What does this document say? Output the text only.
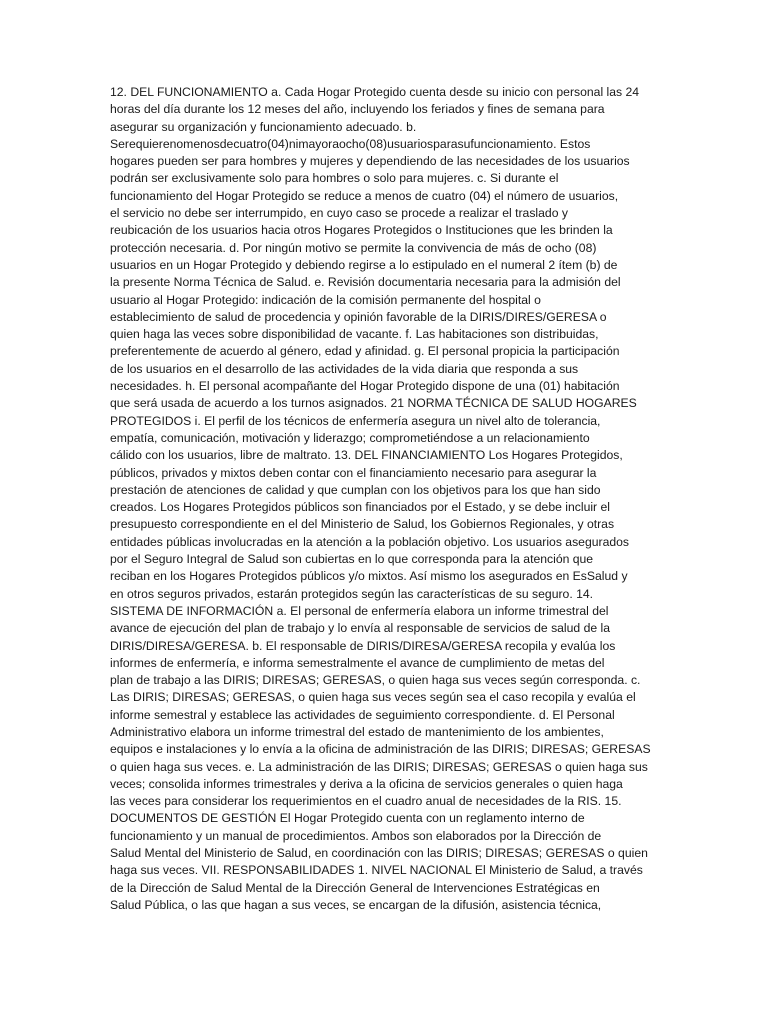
12. DEL FUNCIONAMIENTO a. Cada Hogar Protegido cuenta desde su inicio con personal las 24
horas del día durante los 12 meses del año, incluyendo los feriados y fines de semana para
asegurar su organización y funcionamiento adecuado. b.
Serequierenomenosdecuatro(04)nimayoraocho(08)usuariosparasufuncionamiento. Estos
hogares pueden ser para hombres y mujeres y dependiendo de las necesidades de los usuarios
podrán ser exclusivamente solo para hombres o solo para mujeres. c. Si durante el
funcionamiento del Hogar Protegido se reduce a menos de cuatro (04) el número de usuarios,
el servicio no debe ser interrumpido, en cuyo caso se procede a realizar el traslado y
reubicación de los usuarios hacia otros Hogares Protegidos o Instituciones que les brinden la
protección necesaria. d. Por ningún motivo se permite la convivencia de más de ocho (08)
usuarios en un Hogar Protegido y debiendo regirse a lo estipulado en el numeral 2 ítem (b) de
la presente Norma Técnica de Salud. e. Revisión documentaria necesaria para la admisión del
usuario al Hogar Protegido: indicación de la comisión permanente del hospital o
establecimiento de salud de procedencia y opinión favorable de la DIRIS/DIRES/GERESA o
quien haga las veces sobre disponibilidad de vacante. f. Las habitaciones son distribuidas,
preferentemente de acuerdo al género, edad y afinidad. g. El personal propicia la participación
de los usuarios en el desarrollo de las actividades de la vida diaria que responda a sus
necesidades. h. El personal acompañante del Hogar Protegido dispone de una (01) habitación
que será usada de acuerdo a los turnos asignados. 21 NORMA TÉCNICA DE SALUD HOGARES
PROTEGIDOS i. El perfil de los técnicos de enfermería asegura un nivel alto de tolerancia,
empatía, comunicación, motivación y liderazgo; comprometiéndose a un relacionamiento
cálido con los usuarios, libre de maltrato. 13. DEL FINANCIAMIENTO Los Hogares Protegidos,
públicos, privados y mixtos deben contar con el financiamiento necesario para asegurar la
prestación de atenciones de calidad y que cumplan con los objetivos para los que han sido
creados. Los Hogares Protegidos públicos son financiados por el Estado, y se debe incluir el
presupuesto correspondiente en el del Ministerio de Salud, los Gobiernos Regionales, y otras
entidades públicas involucradas en la atención a la población objetivo. Los usuarios asegurados
por el Seguro Integral de Salud son cubiertas en lo que corresponda para la atención que
reciban en los Hogares Protegidos públicos y/o mixtos. Así mismo los asegurados en EsSalud y
en otros seguros privados, estarán protegidos según las características de su seguro. 14.
SISTEMA DE INFORMACIÓN a. El personal de enfermería elabora un informe trimestral del
avance de ejecución del plan de trabajo y lo envía al responsable de servicios de salud de la
DIRIS/DIRESA/GERESA. b. El responsable de DIRIS/DIRESA/GERESA recopila y evalúa los
informes de enfermería, e informa semestralmente el avance de cumplimiento de metas del
plan de trabajo a las DIRIS; DIRESAS; GERESAS, o quien haga sus veces según corresponda. c.
Las DIRIS; DIRESAS; GERESAS, o quien haga sus veces según sea el caso recopila y evalúa el
informe semestral y establece las actividades de seguimiento correspondiente. d. El Personal
Administrativo elabora un informe trimestral del estado de mantenimiento de los ambientes,
equipos e instalaciones y lo envía a la oficina de administración de las DIRIS; DIRESAS; GERESAS
o quien haga sus veces. e. La administración de las DIRIS; DIRESAS; GERESAS o quien haga sus
veces; consolida informes trimestrales y deriva a la oficina de servicios generales o quien haga
las veces para considerar los requerimientos en el cuadro anual de necesidades de la RIS. 15.
DOCUMENTOS DE GESTIÓN El Hogar Protegido cuenta con un reglamento interno de
funcionamiento y un manual de procedimientos. Ambos son elaborados por la Dirección de
Salud Mental del Ministerio de Salud, en coordinación con las DIRIS; DIRESAS; GERESAS o quien
haga sus veces. VII. RESPONSABILIDADES 1. NIVEL NACIONAL El Ministerio de Salud, a través
de la Dirección de Salud Mental de la Dirección General de Intervenciones Estratégicas en
Salud Pública, o las que hagan a sus veces, se encargan de la difusión, asistencia técnica,
